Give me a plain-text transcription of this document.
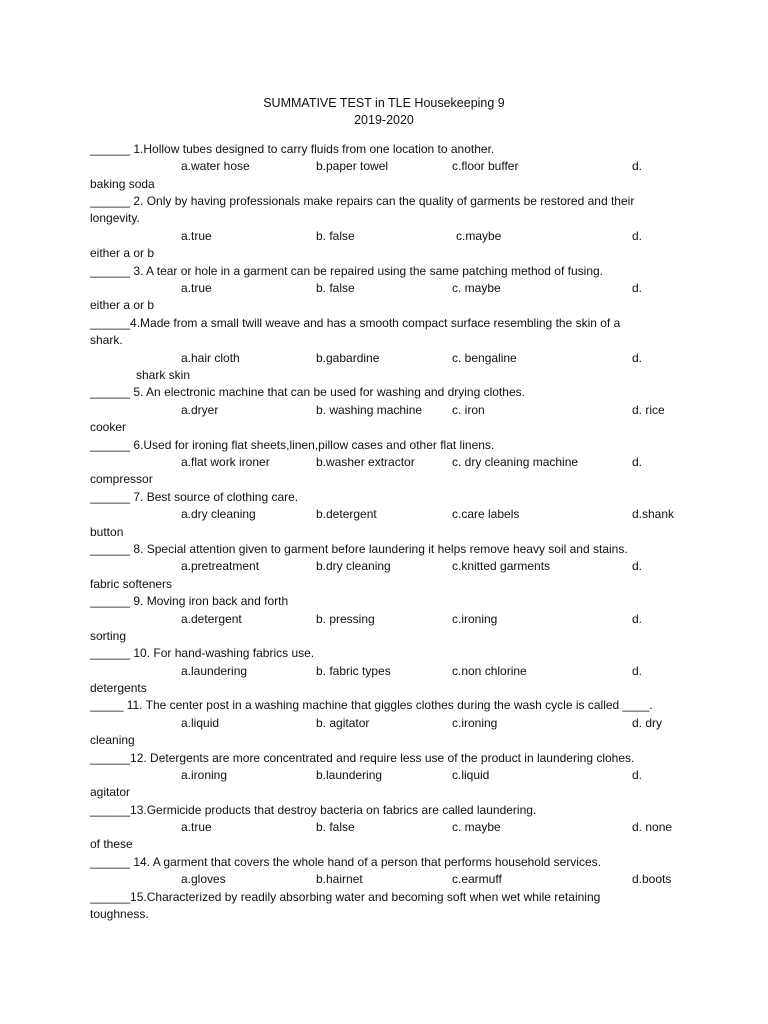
SUMMATIVE TEST in TLE Housekeeping 9
2019-2020
______ 1.Hollow tubes designed to carry fluids from one location to another.
a.water hose	b.paper towel	c.floor buffer	d.
baking soda
______ 2. Only by having professionals make repairs can the quality of garments be restored and their
longevity.
a.true	b. false	c.maybe	d.
either a or b
______ 3. A tear or hole in a garment can be repaired using the same patching method of fusing.
a.true	b. false	c. maybe	d.
either a or b
______4.Made from a small twill weave and has a smooth compact surface resembling the skin of a
shark.
a.hair cloth	b.gabardine	c. bengaline	d.
shark skin
______ 5. An electronic machine that can be used for washing and drying clothes.
a.dryer	b. washing machine c. iron	d. rice
cooker
______ 6.Used for ironing flat sheets,linen,pillow cases and other flat linens.
a.flat work ironer	b.washer extractor	c. dry cleaning machine	d.
compressor
______ 7. Best source of clothing care.
a.dry cleaning	b.detergent	c.care labels	d.shank
button
______ 8. Special attention given to garment before laundering it helps remove heavy soil and stains.
a.pretreatment	b.dry cleaning	c.knitted garments	d.
fabric softeners
______ 9. Moving iron back and forth
a.detergent	b. pressing	c.ironing	d.
sorting
______ 10. For hand-washing fabrics use.
a.laundering	b. fabric types	c.non chlorine	d.
detergents
_____ 11. The center post in a washing machine that giggles clothes during the wash cycle is called ____.
a.liquid	b. agitator	c.ironing	d. dry
cleaning
______12. Detergents are more concentrated and require less use of the product in laundering clohes.
a.ironing	b.laundering	c.liquid	d.
agitator
______13.Germicide products that destroy bacteria on fabrics are called laundering.
a.true	b. false	c. maybe	d. none
of these
______ 14. A garment that covers the whole hand of a person that performs household services.
a.gloves	b.hairnet	c.earmuff	d.boots
______15.Characterized by readily absorbing water and becoming soft when wet while retaining
toughness.
